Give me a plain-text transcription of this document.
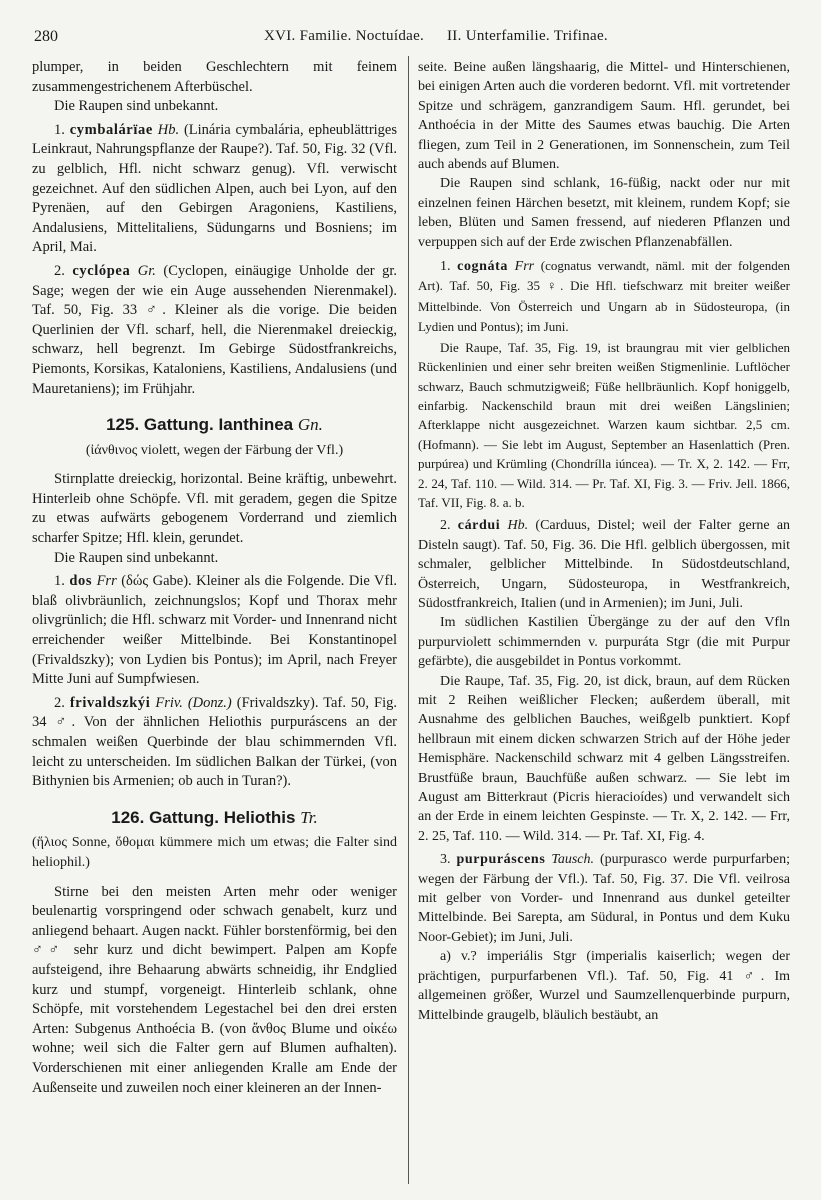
280	XVI. Familie. Noctuídae. II. Unterfamilie. Trifinae.

plumper, in beiden Geschlechtern mit feinem zusammengestrichenem Afterbüschel.

Die Raupen sind unbekannt.

1. cymbalárïae Hb. (Linária cymbalária, epheublättriges Leinkraut, Nahrungspflanze der Raupe?). Taf. 50, Fig. 32 (Vfl. zu gelblich, Hfl. nicht schwarz genug). Vfl. verwischt gezeichnet. Auf den südlichen Alpen, auch bei Lyon, auf den Pyrenäen, auf den Gebirgen Aragoniens, Kastiliens, Andalusiens, Mittelitaliens, Südungarns und Bosniens; im April, Mai.

2. cyclópea Gr. (Cyclopen, einäugige Unholde der gr. Sage; wegen der wie ein Auge aussehenden Nierenmakel). Taf. 50, Fig. 33 ♂. Kleiner als die vorige. Die beiden Querlinien der Vfl. scharf, hell, die Nierenmakel dreieckig, schwarz, hell begrenzt. Im Gebirge Südostfrankreichs, Piemonts, Korsikas, Kataloniens, Kastiliens, Andalusiens (und Mauretaniens); im Frühjahr.

125. Gattung. Ianthinea Gn.

(ἰάνθινος violett, wegen der Färbung der Vfl.)

Stirnplatte dreieckig, horizontal. Beine kräftig, unbewehrt. Hinterleib ohne Schöpfe. Vfl. mit geradem, gegen die Spitze zu etwas aufwärts gebogenem Vorderrand und ziemlich scharfer Spitze; Hfl. klein, gerundet.

Die Raupen sind unbekannt.

1. dos Frr (δώς Gabe). Kleiner als die Folgende. Die Vfl. blaß olivbräunlich, zeichnungslos; Kopf und Thorax mehr olivgrünlich; die Hfl. schwarz mit Vorder- und Innenrand nicht erreichender weißer Mittelbinde. Bei Konstantinopel (Frivaldszky); von Lydien bis Pontus); im April, nach Freyer Mitte Juni auf Sumpfwiesen.

2. frivaldszkýi Friv. (Donz.) (Frivaldszky). Taf. 50, Fig. 34 ♂. Von der ähnlichen Heliothis purpuráscens an der schmalen weißen Querbinde der blau schimmernden Vfl. leicht zu unterscheiden. Im südlichen Balkan der Türkei, (von Bithynien bis Armenien; ob auch in Turan?).

126. Gattung. Heliothis Tr.

(ἥλιος Sonne, ὄθομαι kümmere mich um etwas; die Falter sind heliophil.)

Stirne bei den meisten Arten mehr oder weniger beulenartig vorspringend oder schwach genabelt, kurz und anliegend behaart. Augen nackt. Fühler borstenförmig, bei den ♂♂ sehr kurz und dicht bewimpert. Palpen am Kopfe aufsteigend, ihre Behaarung abwärts schneidig, ihr Endglied kurz und stumpf, vorgeneigt. Hinterleib schlank, ohne Schöpfe, mit vorstehendem Legestachel bei den drei ersten Arten: Subgenus Anthoécia B. (von ἄνθος Blume und οἰκέω wohne; weil sich die Falter gern auf Blumen aufhalten). Vorderschienen mit einer anliegenden Kralle am Ende der Außenseite und zuweilen noch einer kleineren an der Innen-

seite. Beine außen längshaarig, die Mittel- und Hinterschienen, bei einigen Arten auch die vorderen bedornt. Vfl. mit vortretender Spitze und schrägem, ganzrandigem Saum. Hfl. gerundet, bei Anthoécia in der Mitte des Saumes etwas bauchig. Die Arten fliegen, zum Teil in 2 Generationen, im Sonnenschein, zum Teil auch abends auf Blumen.

Die Raupen sind schlank, 16-füßig, nackt oder nur mit einzelnen feinen Härchen besetzt, mit kleinem, rundem Kopf; sie leben, Blüten und Samen fressend, auf niederen Pflanzen und verpuppen sich auf der Erde zwischen Pflanzenabfällen.

1. cognáta Frr (cognatus verwandt, näml. mit der folgenden Art). Taf. 50, Fig. 35 ♀. Die Hfl. tiefschwarz mit breiter weißer Mittelbinde. Von Österreich und Ungarn ab in Südosteuropa, (in Lydien und Pontus); im Juni.

Die Raupe, Taf. 35, Fig. 19, ist braungrau mit vier gelblichen Rückenlinien und einer sehr breiten weißen Stigmenlinie. Luftlöcher schwarz, Bauch schmutzigweiß; Füße hellbräunlich. Kopf honiggelb, einfarbig. Nackenschild braun mit drei weißen Längslinien; Afterklappe nicht ausgezeichnet. Warzen kaum sichtbar. 2,5 cm. (Hofmann). — Sie lebt im August, September an Hasenlattich (Pren. purpúrea) und Krümling (Chondrílla iúncea). — Tr. X, 2. 142. — Frr, 2. 24, Taf. 110. — Wild. 314. — Pr. Taf. XI, Fig. 3. — Friv. Jell. 1866, Taf. VII, Fig. 8. a. b.

2. cárdui Hb. (Carduus, Distel; weil der Falter gerne an Disteln saugt). Taf. 50, Fig. 36. Die Hfl. gelblich übergossen, mit schmaler, gelblicher Mittelbinde. In Südostdeutschland, Österreich, Ungarn, Südosteuropa, in Westfrankreich, Südostfrankreich, Italien (und in Armenien); im Juni, Juli.

Im südlichen Kastilien Übergänge zu der auf den Vfln purpurviolett schimmernden v. purpuráta Stgr (die mit Purpur gefärbte), die ausgebildet in Pontus vorkommt.

Die Raupe, Taf. 35, Fig. 20, ist dick, braun, auf dem Rücken mit 2 Reihen weißlicher Flecken; außerdem überall, mit Ausnahme des gelblichen Bauches, weißgelb punktiert. Kopf hellbraun mit einem dicken schwarzen Strich auf der Höhe jeder Hemisphäre. Nackenschild schwarz mit 4 gelben Längsstreifen. Brustfüße braun, Bauchfüße außen schwarz. — Sie lebt im August am Bitterkraut (Picris hieracioídes) und verwandelt sich an der Erde in einem leichten Gespinste. — Tr. X, 2. 142. — Frr, 2. 25, Taf. 110. — Wild. 314. — Pr. Taf. XI, Fig. 4.

3. purpuráscens Tausch. (purpurasco werde purpurfarben; wegen der Färbung der Vfl.). Taf. 50, Fig. 37. Die Vfl. veilrosa mit gelber von Vorder- und Innenrand aus dunkel geteilter Mittelbinde. Bei Sarepta, am Südural, in Pontus und dem Kuku Noor-Gebiet); im Juni, Juli.

a) v.? imperiális Stgr (imperialis kaiserlich; wegen der prächtigen, purpurfarbenen Vfl.). Taf. 50, Fig. 41 ♂. Im allgemeinen größer, Wurzel und Saumzellenquerbinde purpurn, Mittelbinde graugelb, bläulich bestäubt, an
